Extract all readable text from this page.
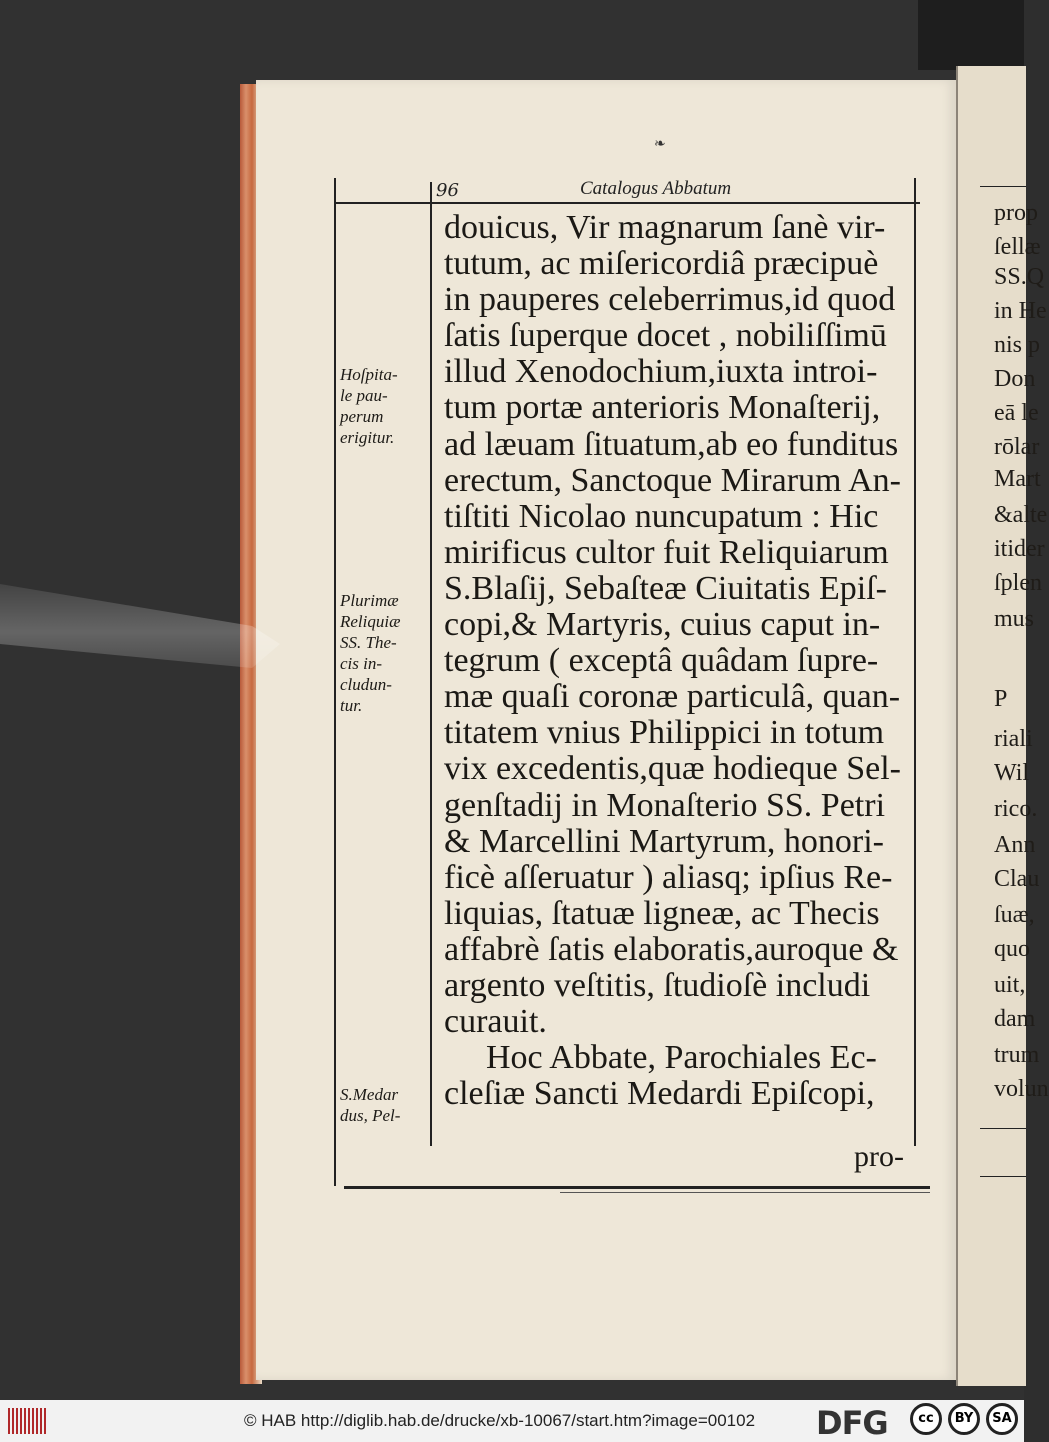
prop
ſellæ
SS.Q
in He
nis p
Don
eā le
rōlar
Mart
&alte
itider
ſplen
mus
P
riali
Wil
rico.
Ann
Clau
ſuæ,
quo
uit,
dam
trum
volun
❧
96	Catalogus Abbatum
douicus, Vir magnarum ſanè vir-
tutum, ac miſericordiâ præcipuè
in pauperes celeberrimus,id quod
ſatis ſuperque docet , nobiliſſimū
illud Xenodochium,iuxta introi-
tum portæ anterioris Monaſterij,
ad læuam ſituatum,ab eo funditus
erectum, Sanctoque Mirarum An-
tiſtiti Nicolao nuncupatum : Hic
mirificus cultor fuit Reliquiarum
S.Blaſij, Sebaſteæ Ciuitatis Epiſ-
copi,& Martyris, cuius caput in-
tegrum ( exceptâ quâdam ſupre-
mæ quaſi coronæ particulâ, quan-
titatem vnius Philippici in totum
vix excedentis,quæ hodieque Sel-
genſtadij in Monaſterio SS. Petri
& Marcellini Martyrum, honori-
ficè aſſeruatur ) aliasq; ipſius Re-
liquias, ſtatuæ ligneæ, ac Thecis
affabrè ſatis elaboratis,auroque &
argento veſtitis, ſtudioſè includi
curauit.
Hoc Abbate, Parochiales Ec-
cleſiæ Sancti Medardi Epiſcopi,
pro-
Hoſpita-
le pau-
perum
erigitur.
Plurimæ
Reliquiæ
SS. The-
cis in-
cludun-
tur.
S.Medar
dus, Pel-
© HAB http://diglib.hab.de/drucke/xb-10067/start.htm?image=00102 DFG	cc	BY	SA
